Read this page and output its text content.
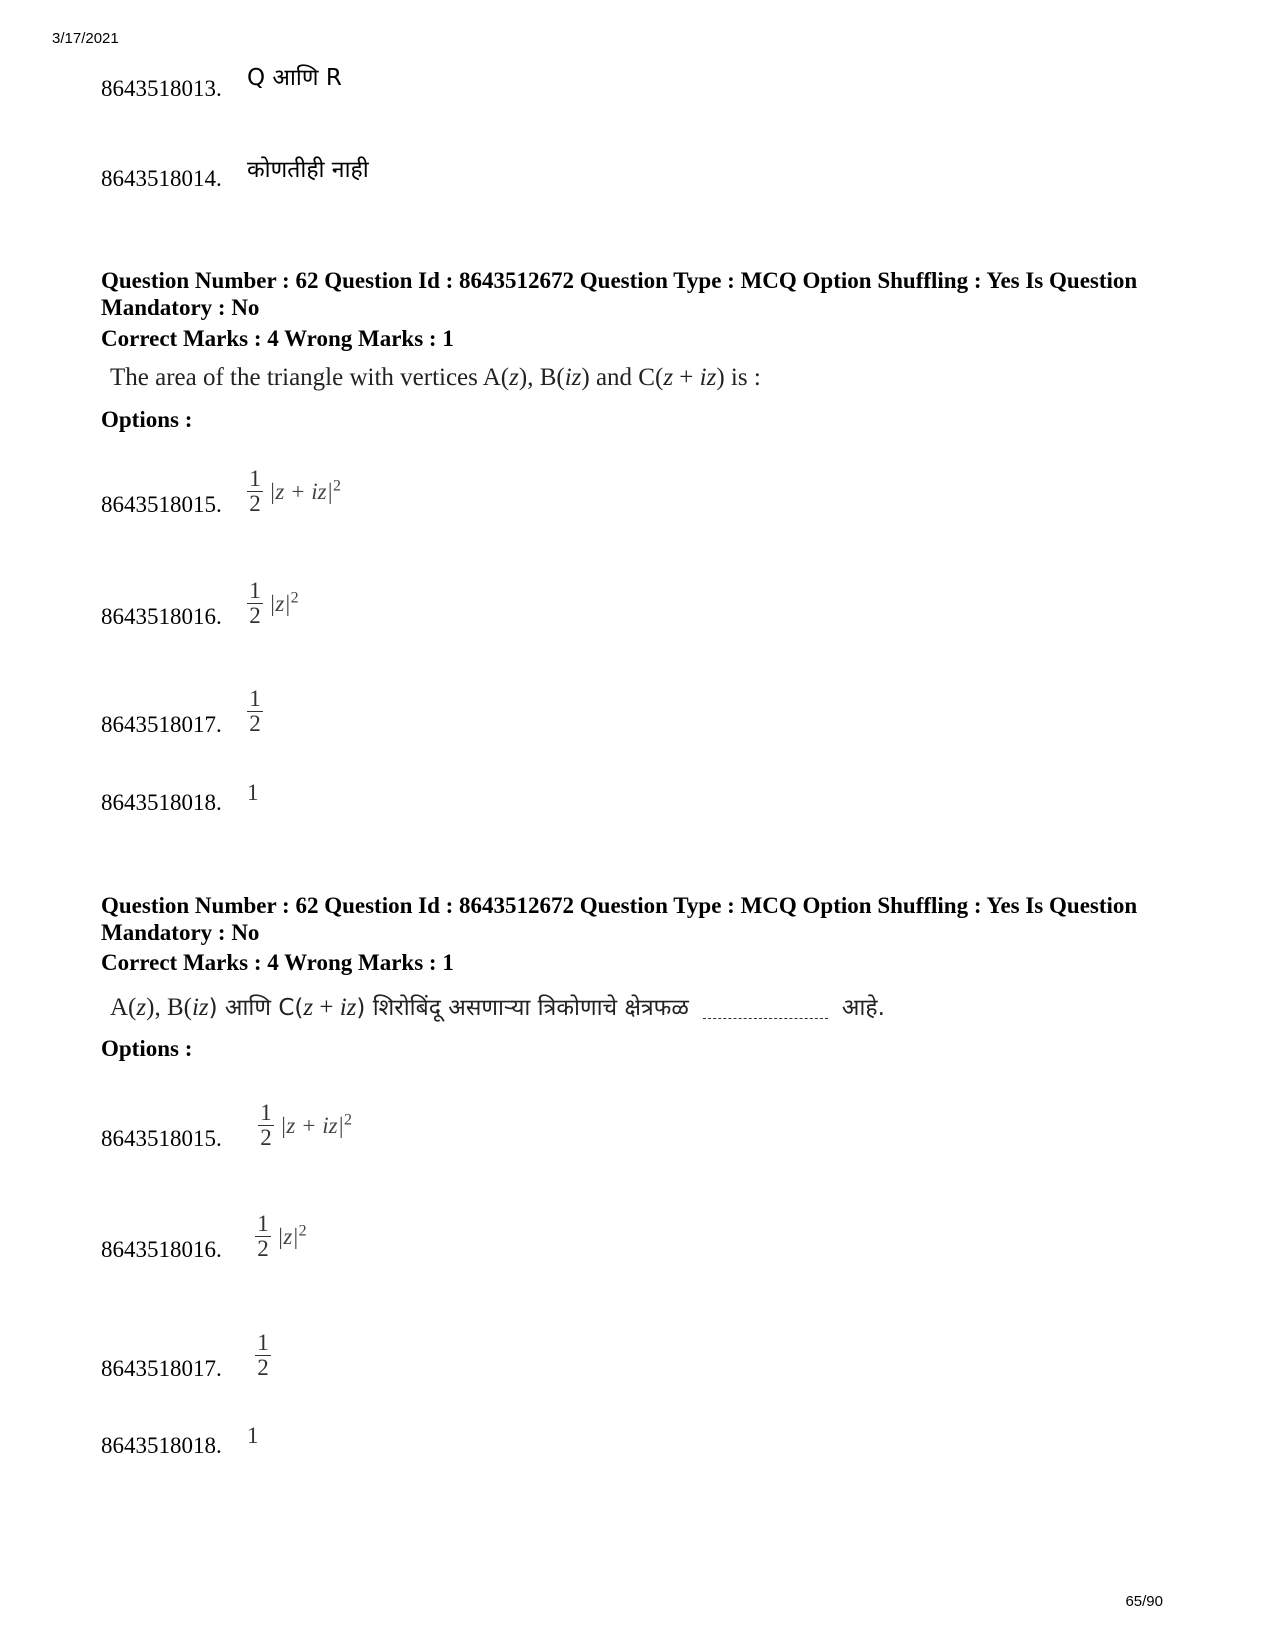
3/17/2021
8643518013. Q आणि R
8643518014. कोणतीही नाही
Question Number : 62 Question Id : 8643512672 Question Type : MCQ Option Shuffling : Yes Is Question Mandatory : No
Correct Marks : 4 Wrong Marks : 1
The area of the triangle with vertices A(z), B(iz) and C(z + iz) is :
Options :
8643518015. $\frac{1}{2} |z + iz|^2$
8643518016. $\frac{1}{2} |z|^2$
8643518017. $\frac{1}{2}$
8643518018. 1
Question Number : 62 Question Id : 8643512672 Question Type : MCQ Option Shuffling : Yes Is Question Mandatory : No
Correct Marks : 4 Wrong Marks : 1
A(z), B(iz) आणि C(z + iz) शिरोबिंदू असणाऱ्या त्रिकोणाचे क्षेत्रफळ	आहे.
Options :
8643518015. $\frac{1}{2} |z + iz|^2$
8643518016. $\frac{1}{2} |z|^2$
8643518017. $\frac{1}{2}$
8643518018. 1
65/90
